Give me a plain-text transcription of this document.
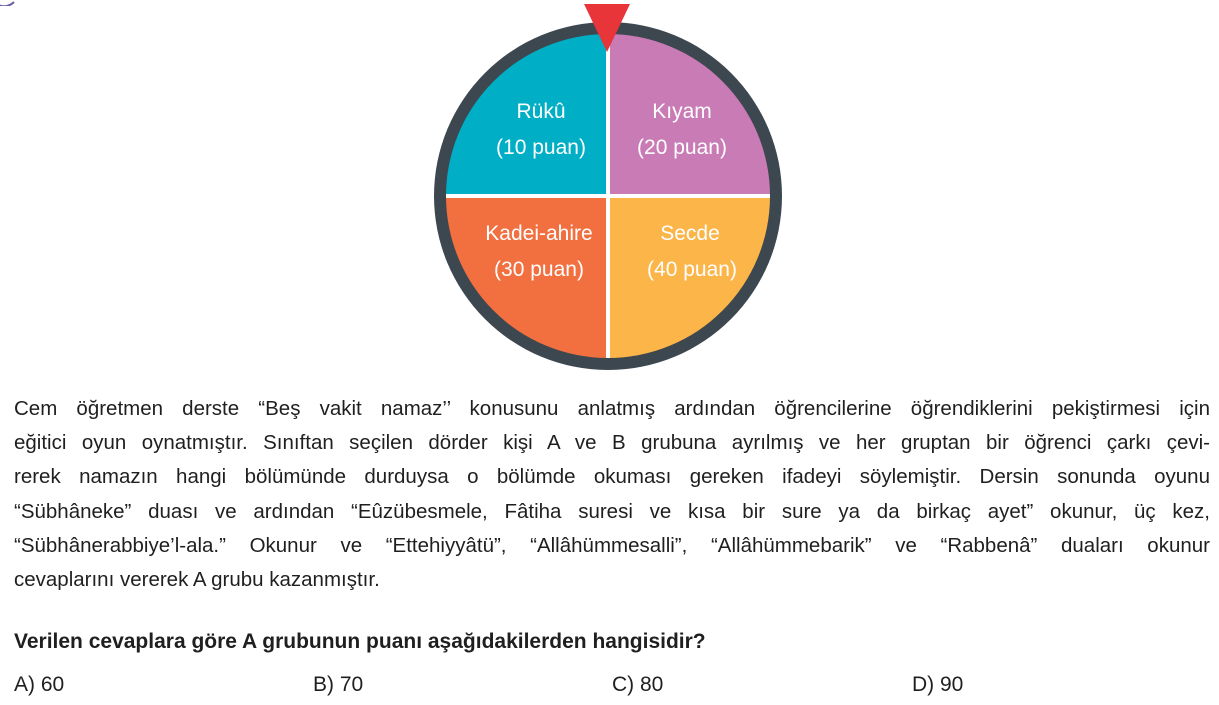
Rükû
(10 puan)
Kıyam
(20 puan)
Kadei-ahire
(30 puan)
Secde
(40 puan)
Cem öğretmen derste “Beş vakit namaz’’ konusunu anlatmış ardından öğrencilerine öğrendiklerini pekiştirmesi için
eğitici oyun oynatmıştır. Sınıftan seçilen dörder kişi A ve B grubuna ayrılmış ve her gruptan bir öğrenci çarkı çevi-
rerek namazın hangi bölümünde durduysa o bölümde okuması gereken ifadeyi söylemiştir. Dersin sonunda oyunu
“Sübhâneke” duası ve ardından “Eûzübesmele, Fâtiha suresi ve kısa bir sure ya da birkaç ayet” okunur, üç kez,
“Sübhânerabbiye’l-ala.” Okunur ve “Ettehiyyâtü”, “Allâhümmesalli”, “Allâhümmebarik” ve “Rabbenâ” duaları okunur
cevaplarını vererek A grubu kazanmıştır.
Verilen cevaplara göre A grubunun puanı aşağıdakilerden hangisidir?
A) 60	B) 70	C) 80	D) 90
